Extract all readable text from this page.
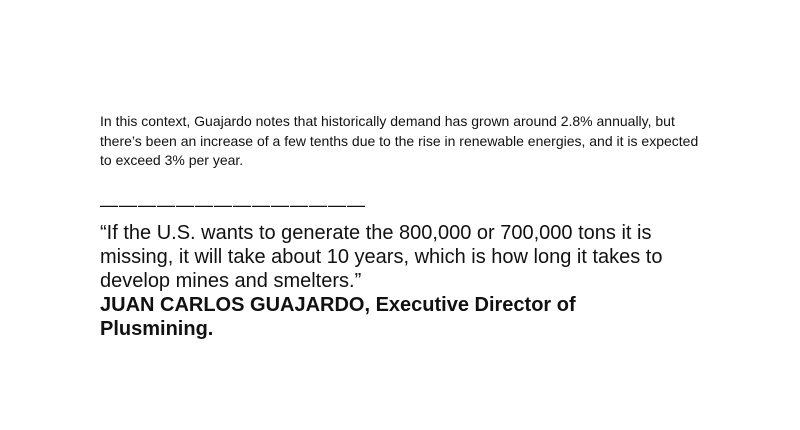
In this context, Guajardo notes that historically demand has grown around 2.8% annually, but there’s been an increase of a few tenths due to the rise in renewable energies, and it is expected to exceed 3% per year.

——————————————
“If the U.S. wants to generate the 800,000 or 700,000 tons it is missing, it will take about 10 years, which is how long it takes to develop mines and smelters.”
JUAN CARLOS GUAJARDO, Executive Director of Plusmining.
